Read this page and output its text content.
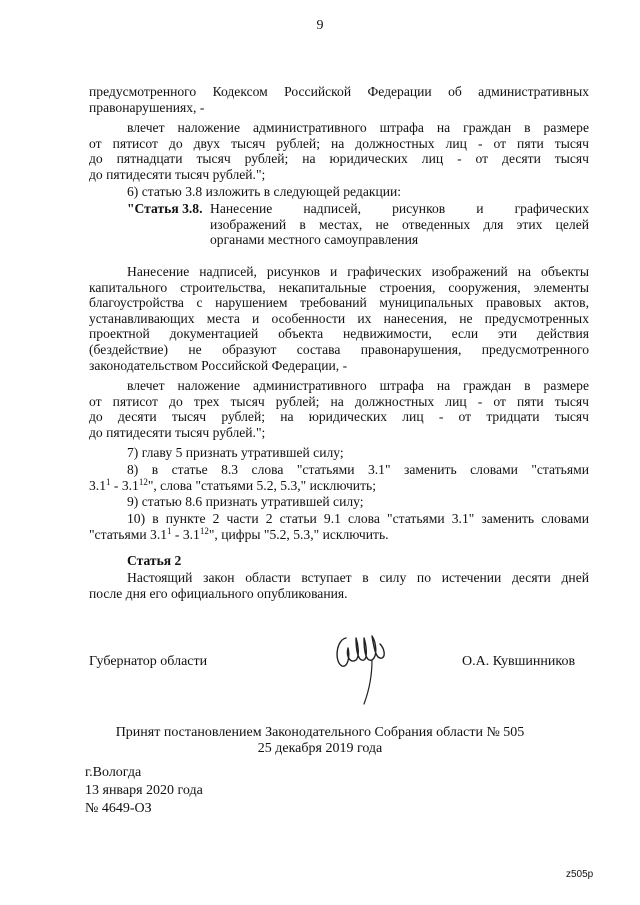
9
предусмотренного Кодексом Российской Федерации об административных
правонарушениях, -
влечет наложение административного штрафа на граждан в размере
от пятисот до двух тысяч рублей; на должностных лиц - от пяти тысяч
до пятнадцати тысяч рублей; на юридических лиц - от десяти тысяч
до пятидесяти тысяч рублей.";
6) статью 3.8 изложить в следующей редакции:
"Статья 3.8. Нанесение надписей, рисунков и графических
изображений в местах, не отведенных для этих целей
органами местного самоуправления
Нанесение надписей, рисунков и графических изображений на объекты
капитального строительства, некапитальные строения, сооружения, элементы
благоустройства с нарушением требований муниципальных правовых актов,
устанавливающих места и особенности их нанесения, не предусмотренных
проектной документацией объекта недвижимости, если эти действия
(бездействие) не образуют состава правонарушения, предусмотренного
законодательством Российской Федерации, -
влечет наложение административного штрафа на граждан в размере
от пятисот до трех тысяч рублей; на должностных лиц - от пяти тысяч
до десяти тысяч рублей; на юридических лиц - от тридцати тысяч
до пятидесяти тысяч рублей.";
7) главу 5 признать утратившей силу;
8) в статье 8.3 слова "статьями 3.1" заменить словами "статьями
$3.1^1 - 3.1^{12}$", слова "статьями 5.2, 5.3," исключить;
9) статью 8.6 признать утратившей силу;
10) в пункте 2 части 2 статьи 9.1 слова "статьями 3.1" заменить словами
"статьями $3.1^1 - 3.1^{12}$", цифры "5.2, 5.3," исключить.
Статья 2
Настоящий закон области вступает в силу по истечении десяти дней
после дня его официального опубликования.
Губернатор области	О.А. Кувшинников
Принят постановлением Законодательного Собрания области № 505
25 декабря 2019 года
г.Вологда
13 января 2020 года
№ 4649-ОЗ
z505р
